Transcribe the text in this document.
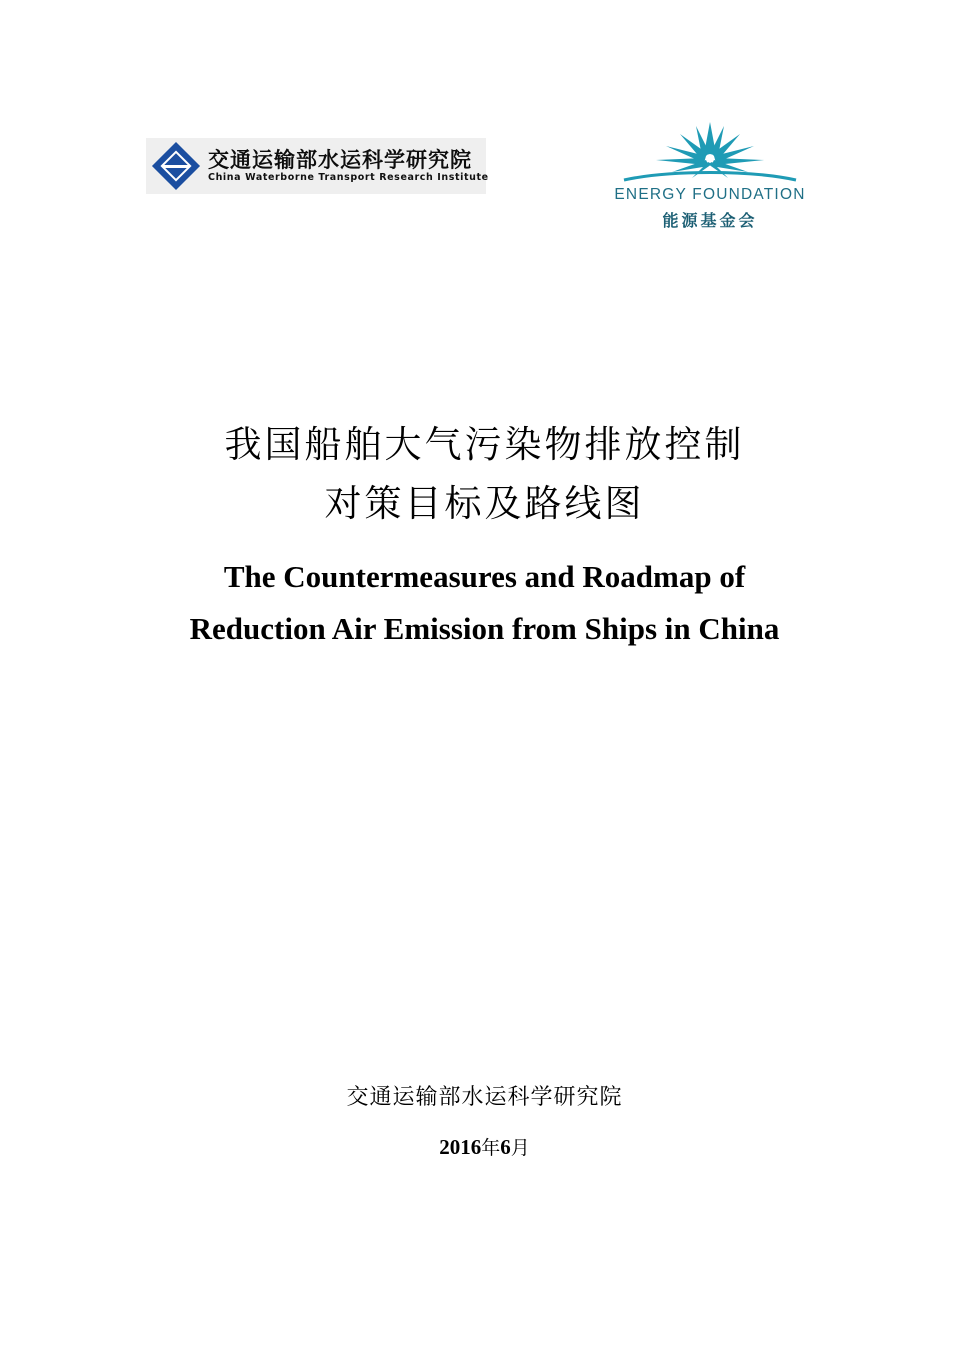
交通运输部水运科学研究院
China Waterborne Transport Research Institute
ENERGY FOUNDATION
能源基金会
我国船舶大气污染物排放控制
对策目标及路线图
The Countermeasures and Roadmap of
Reduction Air Emission from Ships in China
交通运输部水运科学研究院
2016年6月
